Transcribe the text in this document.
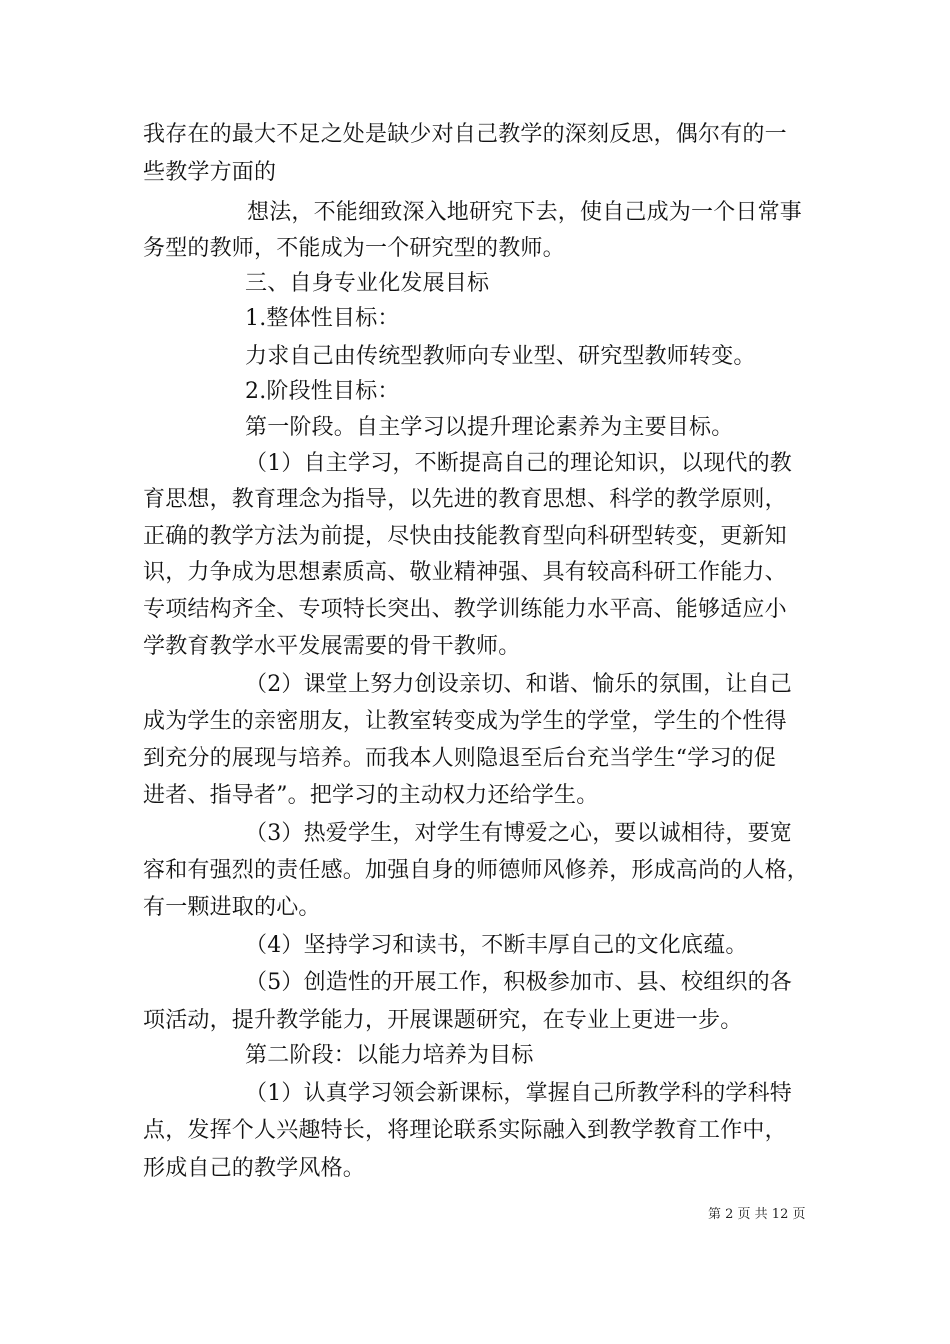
我存在的最大不足之处是缺少对自己教学的深刻反思，偶尔有的一
些教学方面的
想法，不能细致深入地研究下去，使自己成为一个日常事
务型的教师，不能成为一个研究型的教师。
三、自身专业化发展目标
1.整体性目标：
力求自己由传统型教师向专业型、研究型教师转变。
2.阶段性目标：
第一阶段。自主学习以提升理论素养为主要目标。
（1）自主学习，不断提高自己的理论知识，以现代的教
育思想，教育理念为指导，以先进的教育思想、科学的教学原则，
正确的教学方法为前提，尽快由技能教育型向科研型转变，更新知
识，力争成为思想素质高、敬业精神强、具有较高科研工作能力、
专项结构齐全、专项特长突出、教学训练能力水平高、能够适应小
学教育教学水平发展需要的骨干教师。
（2）课堂上努力创设亲切、和谐、愉乐的氛围，让自己
成为学生的亲密朋友，让教室转变成为学生的学堂，学生的个性得
到充分的展现与培养。而我本人则隐退至后台充当学生“学习的促
进者、指导者”。把学习的主动权力还给学生。
（3）热爱学生，对学生有博爱之心，要以诚相待，要宽
容和有强烈的责任感。加强自身的师德师风修养，形成高尚的人格，
有一颗进取的心。
（4）坚持学习和读书，不断丰厚自己的文化底蕴。
（5）创造性的开展工作，积极参加市、县、校组织的各
项活动，提升教学能力，开展课题研究，在专业上更进一步。
第二阶段：以能力培养为目标
（1）认真学习领会新课标，掌握自己所教学科的学科特
点，发挥个人兴趣特长，将理论联系实际融入到教学教育工作中，
形成自己的教学风格。
第 2 页 共 12 页
